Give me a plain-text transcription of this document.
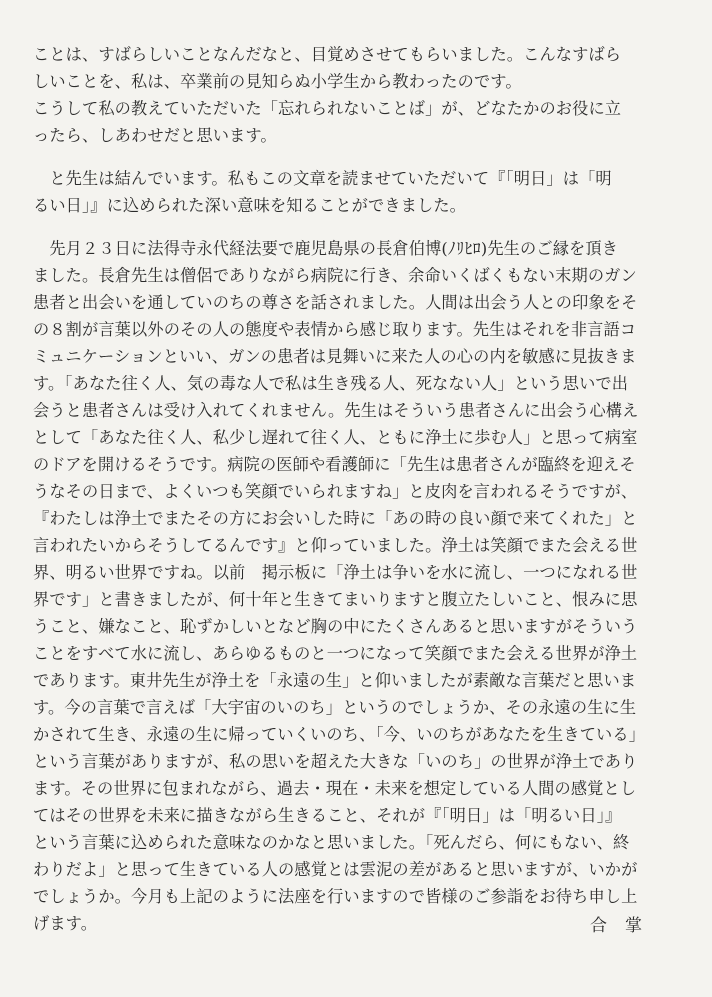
ことは、すばらしいことなんだなと、目覚めさせてもらいました。こんなすばら
しいことを、私は、卒業前の見知らぬ小学生から教わったのです。
こうして私の教えていただいた「忘れられないことば」が、どなたかのお役に立
ったら、しあわせだと思います。
　と先生は結んでいます。私もこの文章を読ませていただいて『「明日」は「明
るい日」』に込められた深い意味を知ることができました。
　先月２３日に法得寺永代経法要で鹿児島県の長倉伯博(ﾉﾘﾋﾛ)先生のご縁を頂き
ました。長倉先生は僧侶でありながら病院に行き、余命いくばくもない末期のガン
患者と出会いを通していのちの尊さを話されました。人間は出会う人との印象をそ
の８割が言葉以外のその人の態度や表情から感じ取ります。先生はそれを非言語コ
ミュニケーションといい、ガンの患者は見舞いに来た人の心の内を敏感に見抜きま
す。「あなた往く人、気の毒な人で私は生き残る人、死なない人」という思いで出
会うと患者さんは受け入れてくれません。先生はそういう患者さんに出会う心構え
として「あなた往く人、私少し遅れて往く人、ともに浄土に歩む人」と思って病室
のドアを開けるそうです。病院の医師や看護師に「先生は患者さんが臨終を迎えそ
うなその日まで、よくいつも笑顔でいられますね」と皮肉を言われるそうですが、
『わたしは浄土でまたその方にお会いした時に「あの時の良い顔で来てくれた」と
言われたいからそうしてるんです』と仰っていました。浄土は笑顔でまた会える世
界、明るい世界ですね。以前　掲示板に「浄土は争いを水に流し、一つになれる世
界です」と書きましたが、何十年と生きてまいりますと腹立たしいこと、恨みに思
うこと、嫌なこと、恥ずかしいとなど胸の中にたくさんあると思いますがそういう
ことをすべて水に流し、あらゆるものと一つになって笑顔でまた会える世界が浄土
であります。東井先生が浄土を「永遠の生」と仰いましたが素敵な言葉だと思いま
す。今の言葉で言えば「大宇宙のいのち」というのでしょうか、その永遠の生に生
かされて生き、永遠の生に帰っていくいのち、「今、いのちがあなたを生きている」
という言葉がありますが、私の思いを超えた大きな「いのち」の世界が浄土であり
ます。その世界に包まれながら、過去・現在・未来を想定している人間の感覚とし
てはその世界を未来に描きながら生きること、それが『「明日」は「明るい日」』
という言葉に込められた意味なのかなと思いました。「死んだら、何にもない、終
わりだよ」と思って生きている人の感覚とは雲泥の差があると思いますが、いかが
でしょうか。今月も上記のように法座を行いますので皆様のご参詣をお待ち申し上
げます。	合掌
